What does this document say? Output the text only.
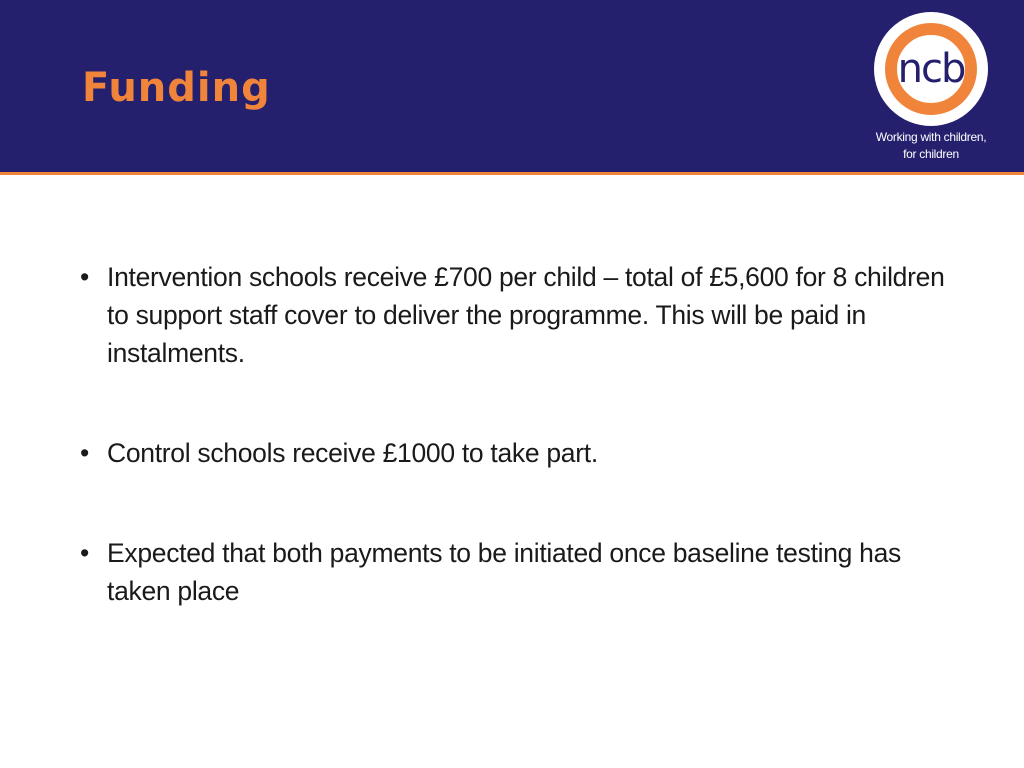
Funding	ncb
Working with children,
for children
• Intervention schools receive £700 per child – total of £5,600 for 8 children to support staff cover to deliver the programme. This will be paid in instalments.
• Control schools receive £1000 to take part.
• Expected that both payments to be initiated once baseline testing has taken place
